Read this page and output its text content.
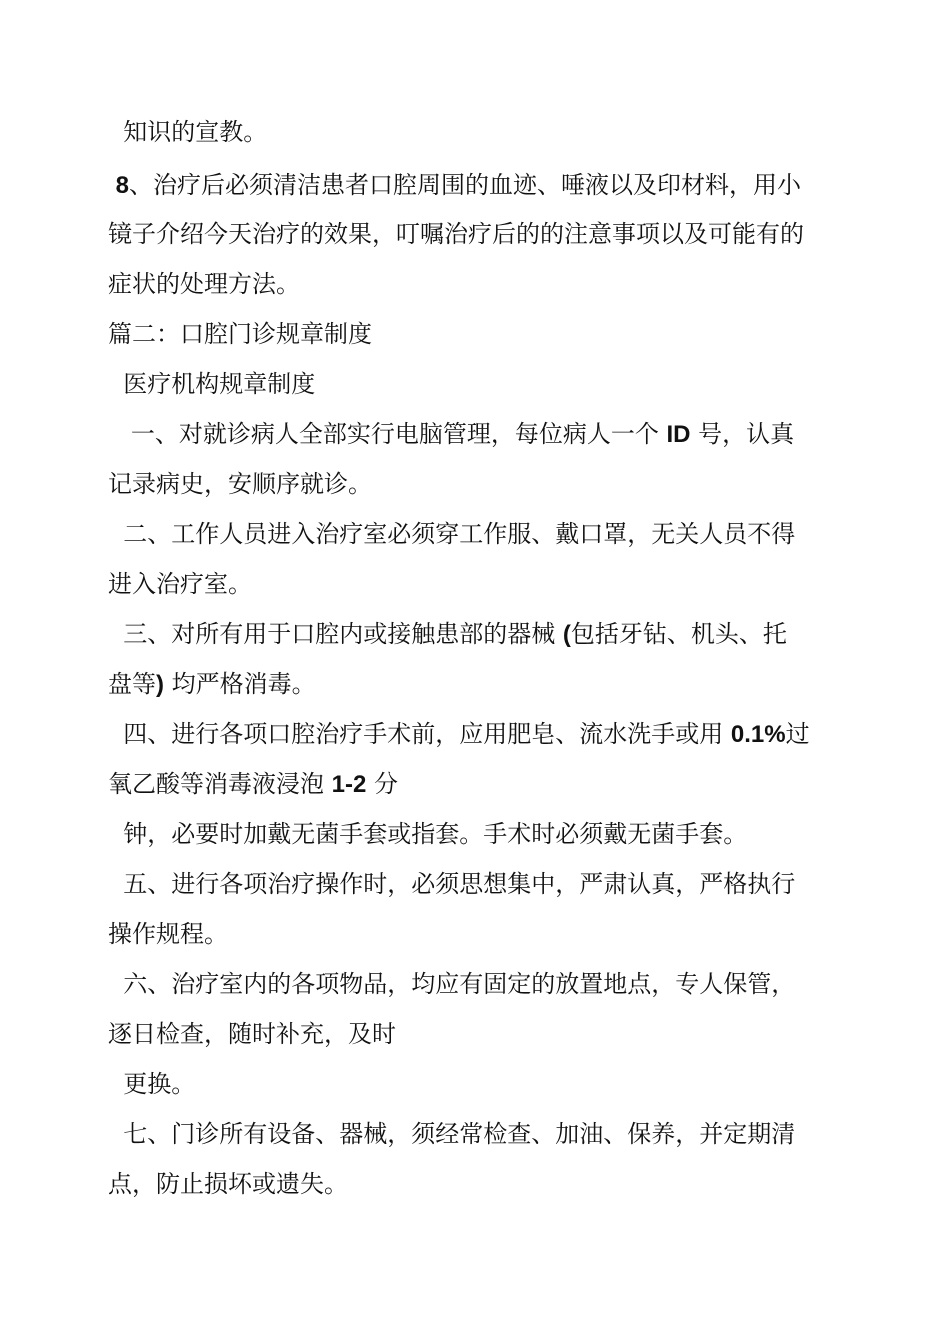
知识的宣教。
8、治疗后必须清洁患者口腔周围的血迹、唾液以及印材料，用小
镜子介绍今天治疗的效果，叮嘱治疗后的的注意事项以及可能有的
症状的处理方法。
篇二：口腔门诊规章制度
医疗机构规章制度
一、对就诊病人全部实行电脑管理，每位病人一个 ID 号，认真
记录病史，安顺序就诊。
二、工作人员进入治疗室必须穿工作服、戴口罩，无关人员不得
进入治疗室。
三、对所有用于口腔内或接触患部的器械 (包括牙钻、机头、托
盘等) 均严格消毒。
四、进行各项口腔治疗手术前，应用肥皂、流水洗手或用 0.1%过
氧乙酸等消毒液浸泡 1-2 分
钟，必要时加戴无菌手套或指套。手术时必须戴无菌手套。
五、进行各项治疗操作时，必须思想集中，严肃认真，严格执行
操作规程。
六、治疗室内的各项物品，均应有固定的放置地点，专人保管，
逐日检查，随时补充，及时
更换。
七、门诊所有设备、器械，须经常检查、加油、保养，并定期清
点，防止损坏或遗失。
